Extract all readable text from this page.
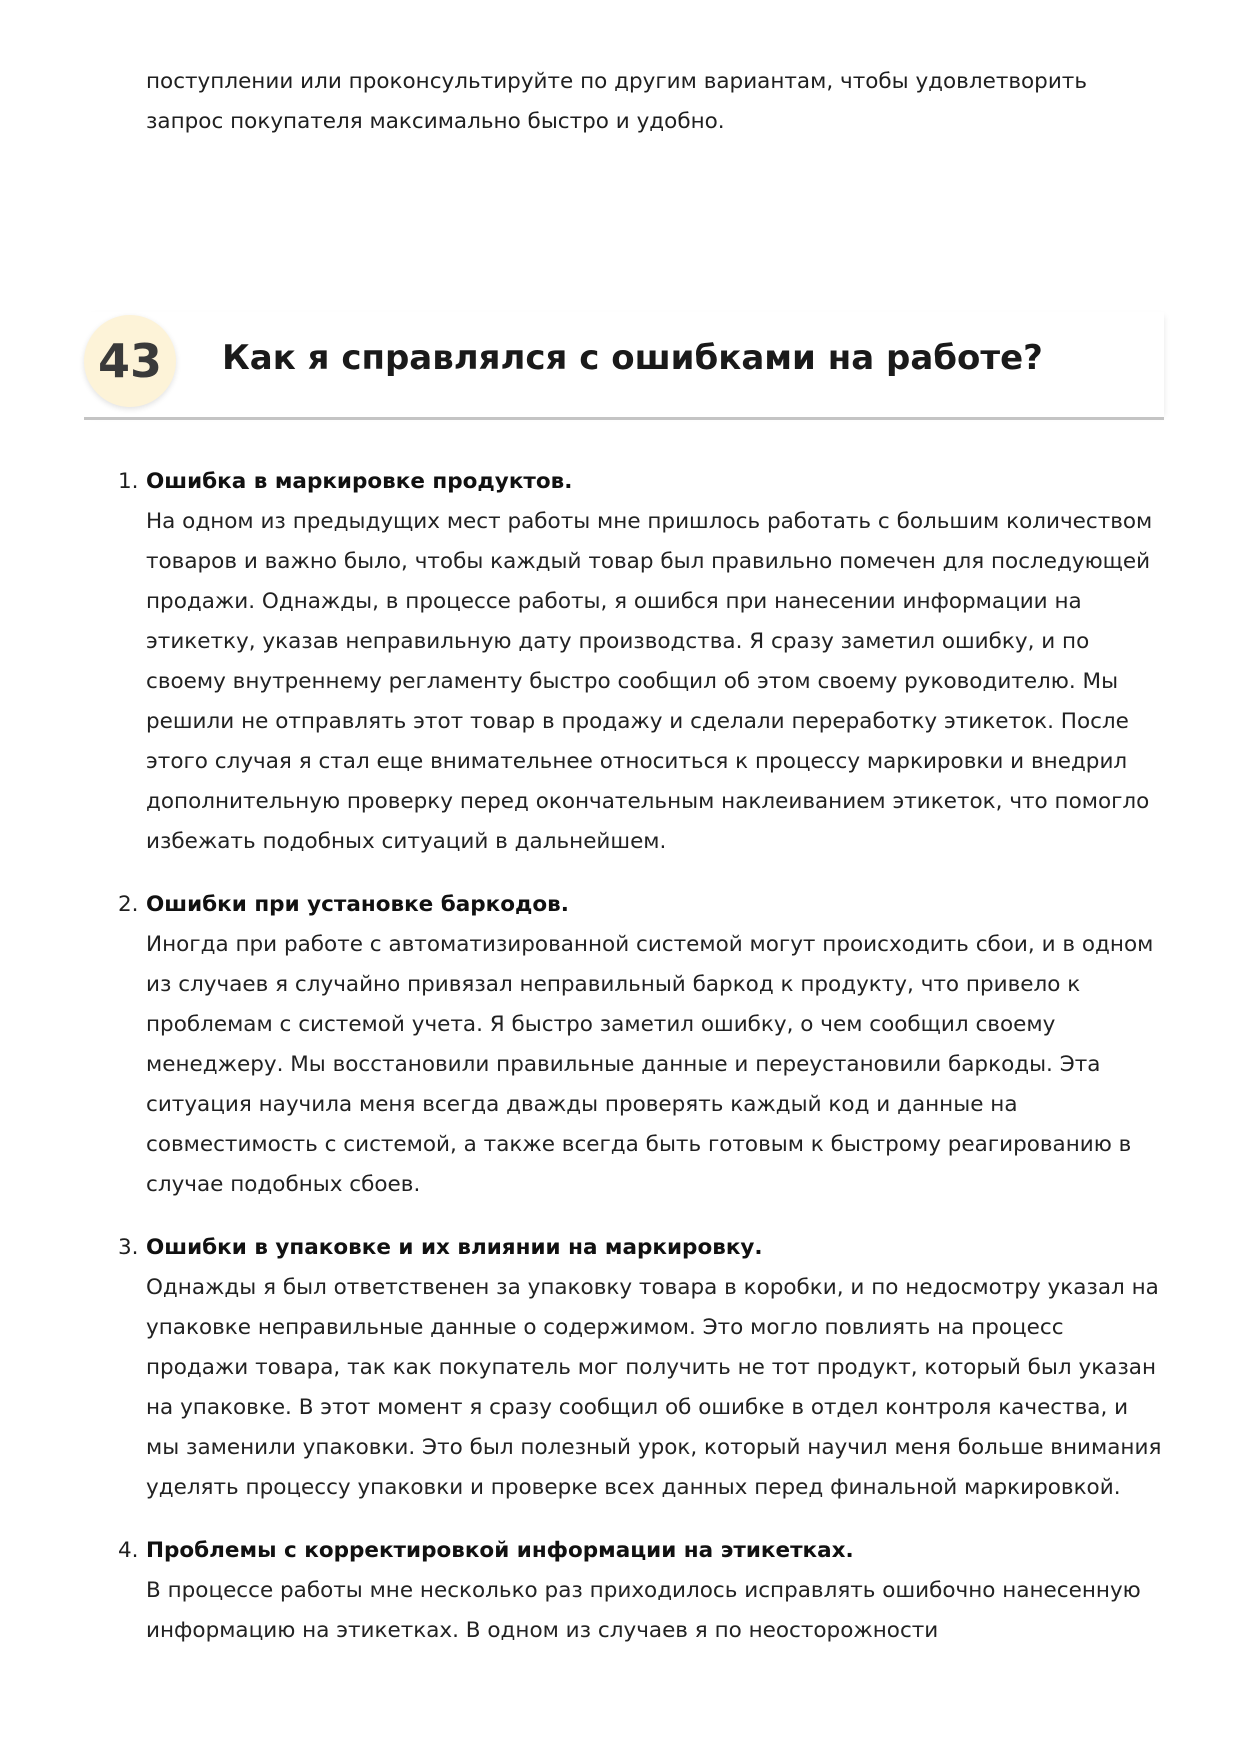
поступлении или проконсультируйте по другим вариантам, чтобы удовлетворить запрос покупателя максимально быстро и удобно.

43	Как я справлялся с ошибками на работе?
1. Ошибка в маркировке продуктов.

На одном из предыдущих мест работы мне пришлось работать с большим количеством товаров и важно было, чтобы каждый товар был правильно помечен для последующей продажи. Однажды, в процессе работы, я ошибся при нанесении информации на этикетку, указав неправильную дату производства. Я сразу заметил ошибку, и по своему внутреннему регламенту быстро сообщил об этом своему руководителю. Мы решили не отправлять этот товар в продажу и сделали переработку этикеток. После этого случая я стал еще внимательнее относиться к процессу маркировки и внедрил дополнительную проверку перед окончательным наклеиванием этикеток, что помогло избежать подобных ситуаций в дальнейшем.

2. Ошибки при установке баркодов.

Иногда при работе с автоматизированной системой могут происходить сбои, и в одном из случаев я случайно привязал неправильный баркод к продукту, что привело к проблемам с системой учета. Я быстро заметил ошибку, о чем сообщил своему менеджеру. Мы восстановили правильные данные и переустановили баркоды. Эта ситуация научила меня всегда дважды проверять каждый код и данные на совместимость с системой, а также всегда быть готовым к быстрому реагированию в случае подобных сбоев.

3. Ошибки в упаковке и их влиянии на маркировку.

Однажды я был ответственен за упаковку товара в коробки, и по недосмотру указал на упаковке неправильные данные о содержимом. Это могло повлиять на процесс продажи товара, так как покупатель мог получить не тот продукт, который был указан на упаковке. В этот момент я сразу сообщил об ошибке в отдел контроля качества, и мы заменили упаковки. Это был полезный урок, который научил меня больше внимания уделять процессу упаковки и проверке всех данных перед финальной маркировкой.

4. Проблемы с корректировкой информации на этикетках.

В процессе работы мне несколько раз приходилось исправлять ошибочно нанесенную информацию на этикетках. В одном из случаев я по неосторожности
